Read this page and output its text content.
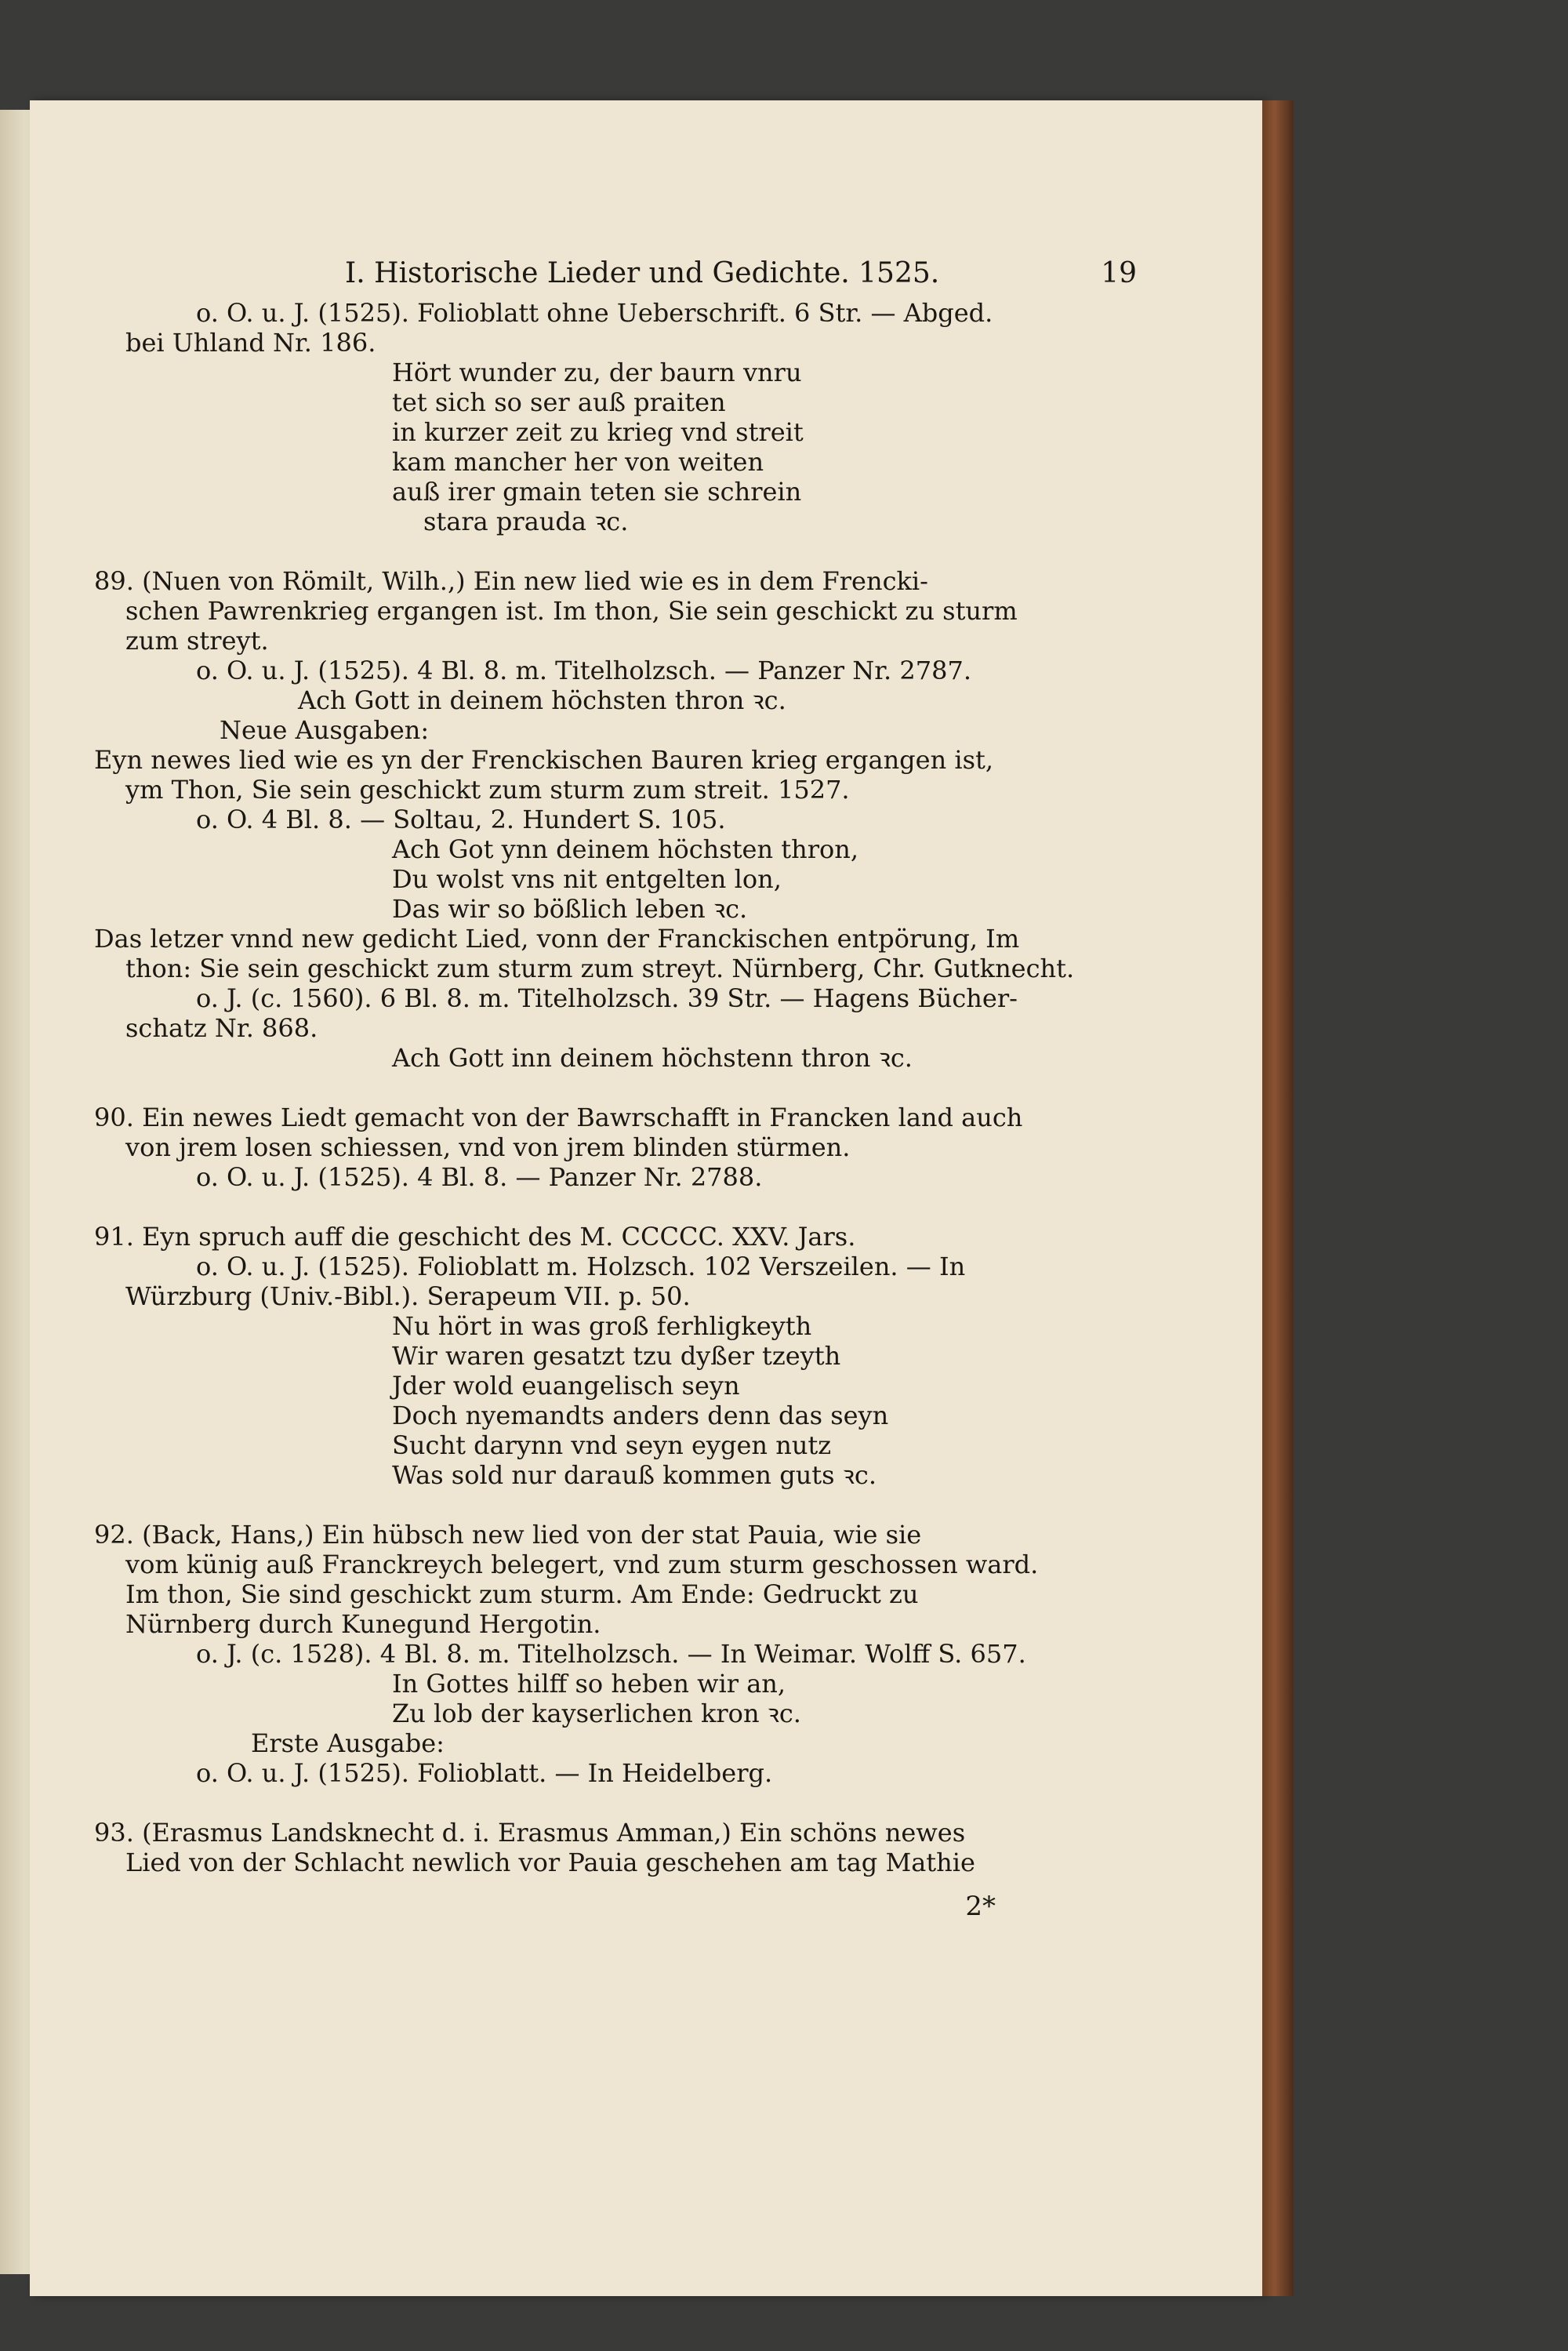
I. Historische Lieder und Gedichte. 1525.	19
o. O. u. J. (1525). Folioblatt ohne Ueberschrift. 6 Str. — Abged.
bei Uhland Nr. 186.
Hört wunder zu, der baurn vnru
tet sich so ser auß praiten
in kurzer zeit zu krieg vnd streit
kam mancher her von weiten
auß irer gmain teten sie schrein
stara prauda ꝛc.
89. (Nuen von Römilt, Wilh.,) Ein new lied wie es in dem Frencki-
schen Pawrenkrieg ergangen ist. Im thon, Sie sein geschickt zu sturm
zum streyt.
o. O. u. J. (1525). 4 Bl. 8. m. Titelholzsch. — Panzer Nr. 2787.
Ach Gott in deinem höchsten thron ꝛc.
Neue Ausgaben:
Eyn newes lied wie es yn der Frenckischen Bauren krieg ergangen ist,
ym Thon, Sie sein geschickt zum sturm zum streit. 1527.
o. O. 4 Bl. 8. — Soltau, 2. Hundert S. 105.
Ach Got ynn deinem höchsten thron,
Du wolst vns nit entgelten lon,
Das wir so bößlich leben ꝛc.
Das letzer vnnd new gedicht Lied, vonn der Franckischen entpörung, Im
thon: Sie sein geschickt zum sturm zum streyt. Nürnberg, Chr. Gutknecht.
o. J. (c. 1560). 6 Bl. 8. m. Titelholzsch. 39 Str. — Hagens Bücher-
schatz Nr. 868.
Ach Gott inn deinem höchstenn thron ꝛc.
90. Ein newes Liedt gemacht von der Bawrschafft in Francken land auch
von jrem losen schiessen, vnd von jrem blinden stürmen.
o. O. u. J. (1525). 4 Bl. 8. — Panzer Nr. 2788.
91. Eyn spruch auff die geschicht des M. CCCCC. XXV. Jars.
o. O. u. J. (1525). Folioblatt m. Holzsch. 102 Verszeilen. — In
Würzburg (Univ.-Bibl.). Serapeum VII. p. 50.
Nu hört in was groß ferhligkeyth
Wir waren gesatzt tzu dyßer tzeyth
Jder wold euangelisch seyn
Doch nyemandts anders denn das seyn
Sucht darynn vnd seyn eygen nutz
Was sold nur darauß kommen guts ꝛc.
92. (Back, Hans,) Ein hübsch new lied von der stat Pauia, wie sie
vom künig auß Franckreych belegert, vnd zum sturm geschossen ward.
Im thon, Sie sind geschickt zum sturm. Am Ende: Gedruckt zu
Nürnberg durch Kunegund Hergotin.
o. J. (c. 1528). 4 Bl. 8. m. Titelholzsch. — In Weimar. Wolff S. 657.
In Gottes hilff so heben wir an,
Zu lob der kayserlichen kron ꝛc.
Erste Ausgabe:
o. O. u. J. (1525). Folioblatt. — In Heidelberg.
93. (Erasmus Landsknecht d. i. Erasmus Amman,) Ein schöns newes
Lied von der Schlacht newlich vor Pauia geschehen am tag Mathie
2*
